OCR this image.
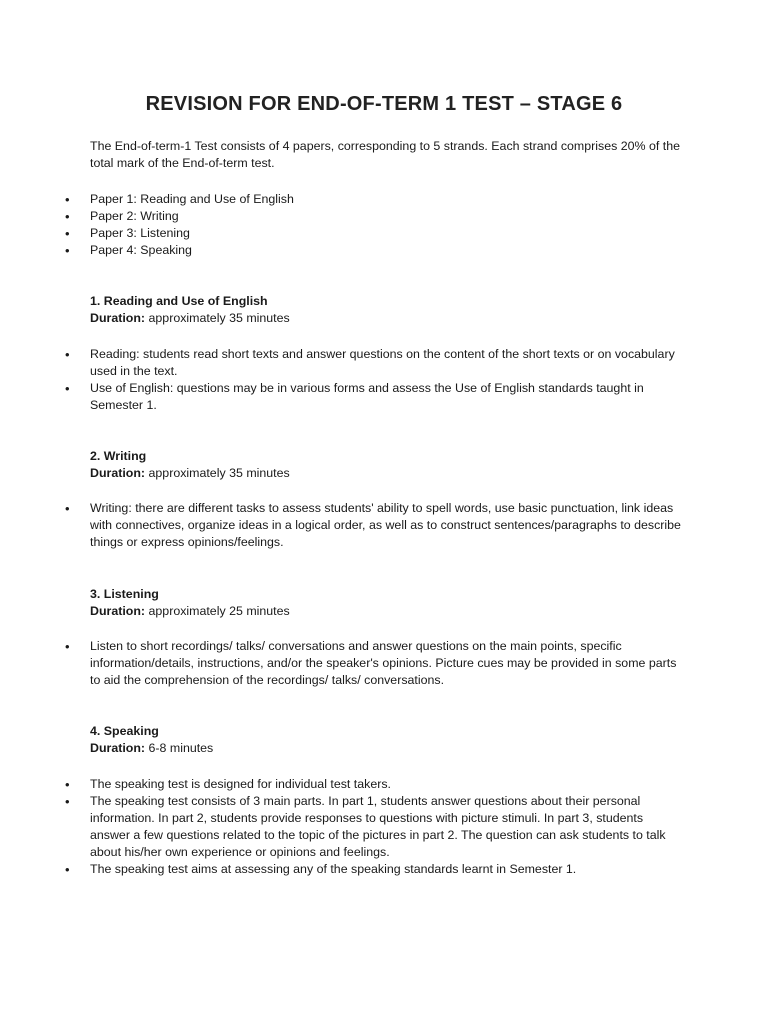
REVISION FOR END-OF-TERM 1 TEST – STAGE 6
The End-of-term-1 Test consists of 4 papers, corresponding to 5 strands. Each strand comprises 20% of the total mark of the End-of-term test.
• Paper 1: Reading and Use of English
• Paper 2: Writing
• Paper 3: Listening
• Paper 4: Speaking
1. Reading and Use of English
Duration: approximately 35 minutes
• Reading: students read short texts and answer questions on the content of the short texts or on vocabulary used in the text.
• Use of English: questions may be in various forms and assess the Use of English standards taught in Semester 1.
2. Writing
Duration: approximately 35 minutes
• Writing: there are different tasks to assess students' ability to spell words, use basic punctuation, link ideas with connectives, organize ideas in a logical order, as well as to construct sentences/paragraphs to describe things or express opinions/feelings.
3. Listening
Duration: approximately 25 minutes
• Listen to short recordings/ talks/ conversations and answer questions on the main points, specific information/details, instructions, and/or the speaker's opinions. Picture cues may be provided in some parts to aid the comprehension of the recordings/ talks/ conversations.
4. Speaking
Duration: 6-8 minutes
• The speaking test is designed for individual test takers.
• The speaking test consists of 3 main parts. In part 1, students answer questions about their personal information. In part 2, students provide responses to questions with picture stimuli. In part 3, students answer a few questions related to the topic of the pictures in part 2. The question can ask students to talk about his/her own experience or opinions and feelings.
• The speaking test aims at assessing any of the speaking standards learnt in Semester 1.
